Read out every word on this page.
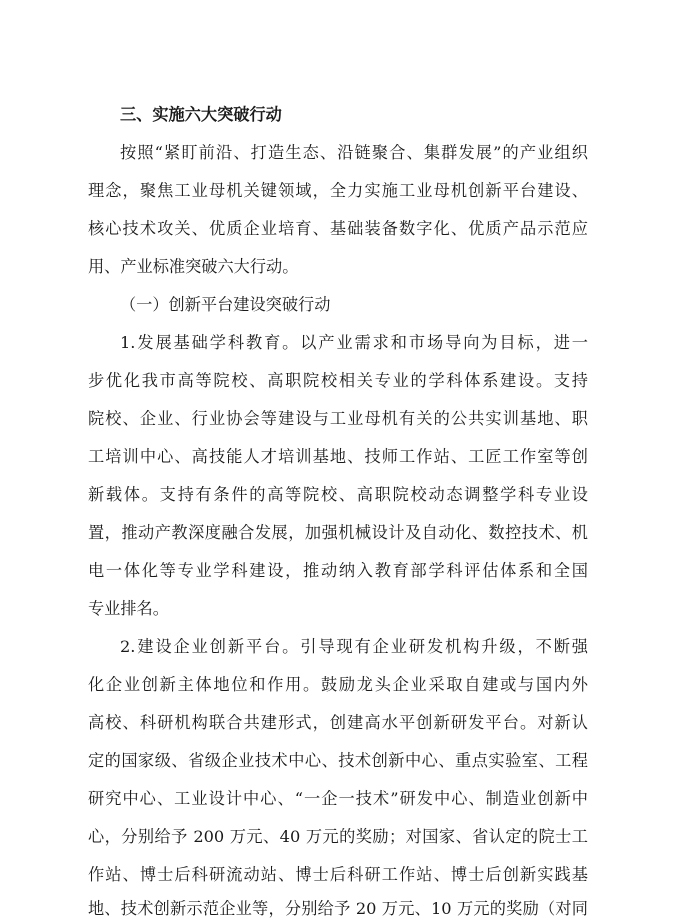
三、实施六大突破行动
按照“紧盯前沿、打造生态、沿链聚合、集群发展”的产业组织
理念，聚焦工业母机关键领域，全力实施工业母机创新平台建设、
核心技术攻关、优质企业培育、基础装备数字化、优质产品示范应
用、产业标准突破六大行动。
（一）创新平台建设突破行动
1.发展基础学科教育。以产业需求和市场导向为目标，进一
步优化我市高等院校、高职院校相关专业的学科体系建设。支持
院校、企业、行业协会等建设与工业母机有关的公共实训基地、职
工培训中心、高技能人才培训基地、技师工作站、工匠工作室等创
新载体。支持有条件的高等院校、高职院校动态调整学科专业设
置，推动产教深度融合发展，加强机械设计及自动化、数控技术、机
电一体化等专业学科建设，推动纳入教育部学科评估体系和全国
专业排名。
2.建设企业创新平台。引导现有企业研发机构升级，不断强
化企业创新主体地位和作用。鼓励龙头企业采取自建或与国内外
高校、科研机构联合共建形式，创建高水平创新研发平台。对新认
定的国家级、省级企业技术中心、技术创新中心、重点实验室、工程
研究中心、工业设计中心、“一企一技术”研发中心、制造业创新中
心，分别给予 200 万元、40 万元的奖励；对国家、省认定的院士工
作站、博士后科研流动站、博士后科研工作站、博士后创新实践基
地、技术创新示范企业等，分别给予 20 万元、10 万元的奖励（对同
